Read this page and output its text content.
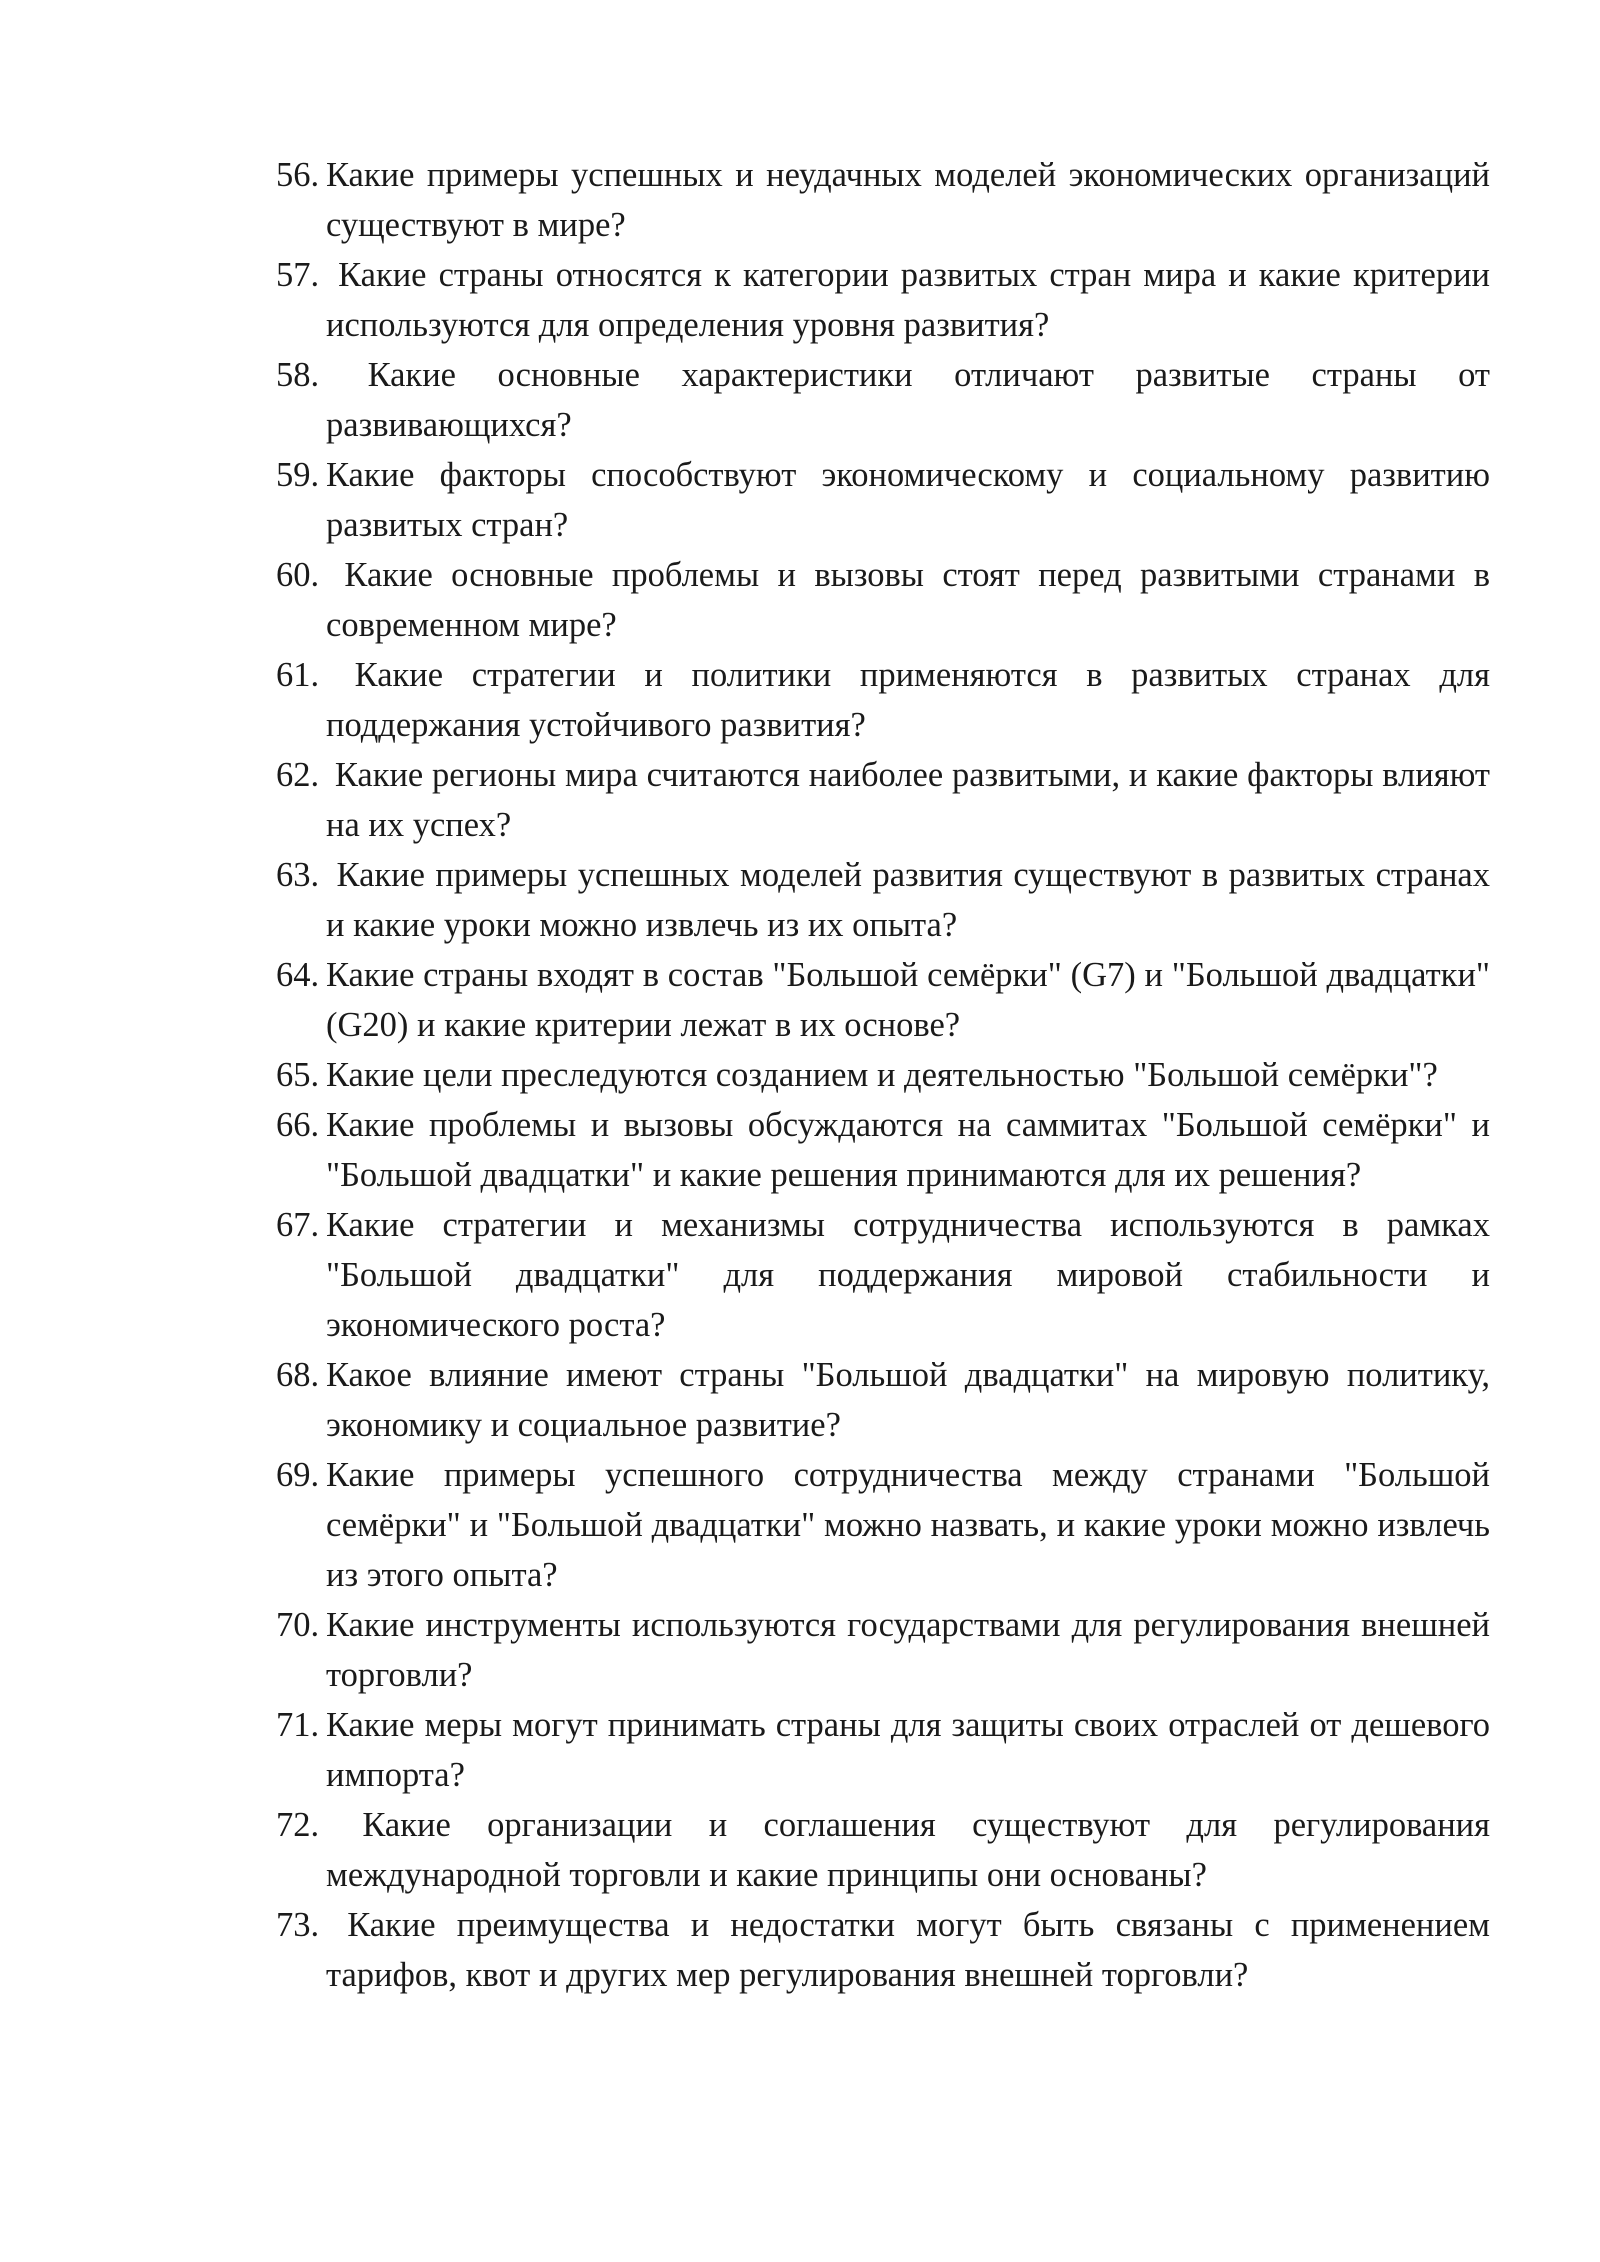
56. Какие примеры успешных и неудачных моделей экономических организаций существуют в мире?
57. Какие страны относятся к категории развитых стран мира и какие критерии используются для определения уровня развития?
58. Какие основные характеристики отличают развитые страны от развивающихся?
59. Какие факторы способствуют экономическому и социальному развитию развитых стран?
60. Какие основные проблемы и вызовы стоят перед развитыми странами в современном мире?
61. Какие стратегии и политики применяются в развитых странах для поддержания устойчивого развития?
62. Какие регионы мира считаются наиболее развитыми, и какие факторы влияют на их успех?
63. Какие примеры успешных моделей развития существуют в развитых странах и какие уроки можно извлечь из их опыта?
64. Какие страны входят в состав "Большой семёрки" (G7) и "Большой двадцатки" (G20) и какие критерии лежат в их основе?
65. Какие цели преследуются созданием и деятельностью "Большой семёрки"?
66. Какие проблемы и вызовы обсуждаются на саммитах "Большой семёрки" и "Большой двадцатки" и какие решения принимаются для их решения?
67. Какие стратегии и механизмы сотрудничества используются в рамках "Большой двадцатки" для поддержания мировой стабильности и экономического роста?
68. Какое влияние имеют страны "Большой двадцатки" на мировую политику, экономику и социальное развитие?
69. Какие примеры успешного сотрудничества между странами "Большой семёрки" и "Большой двадцатки" можно назвать, и какие уроки можно извлечь из этого опыта?
70. Какие инструменты используются государствами для регулирования внешней торговли?
71. Какие меры могут принимать страны для защиты своих отраслей от дешевого импорта?
72. Какие организации и соглашения существуют для регулирования международной торговли и какие принципы они основаны?
73. Какие преимущества и недостатки могут быть связаны с применением тарифов, квот и других мер регулирования внешней торговли?
